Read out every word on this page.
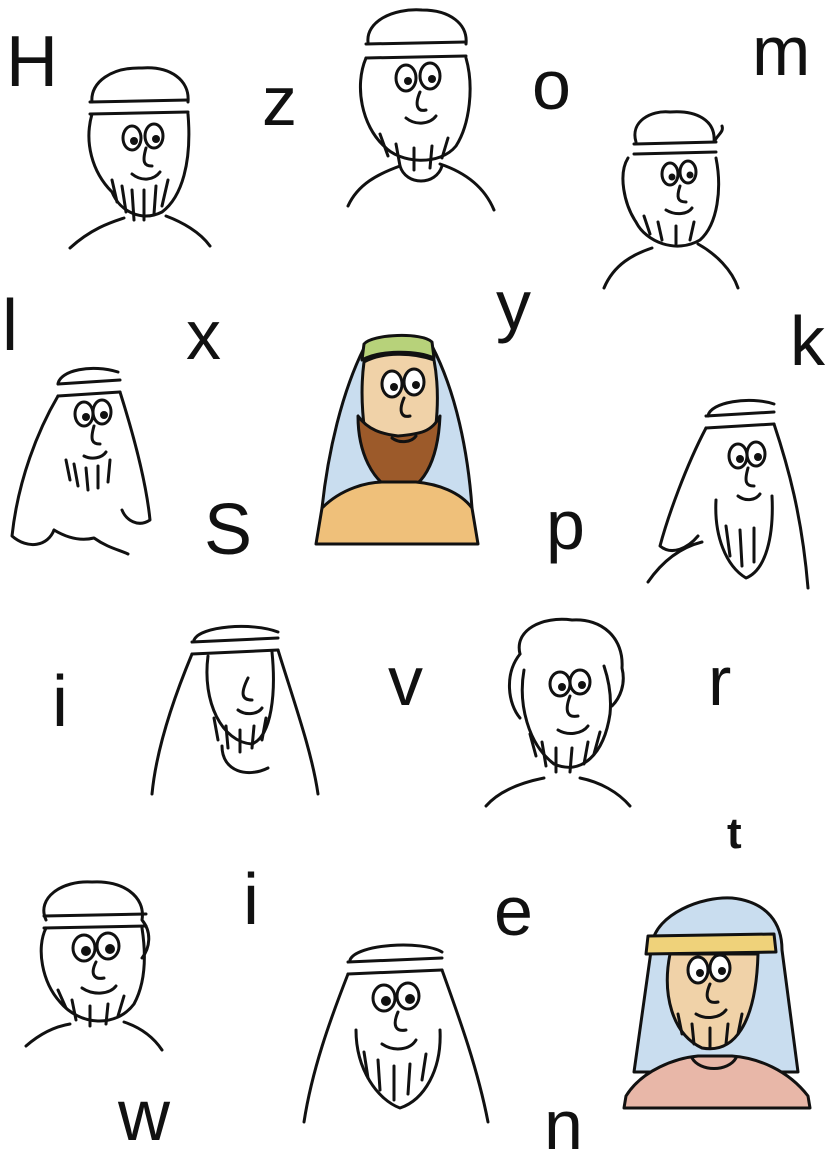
H	z	o	m
l x	y	k
S	p
i	v	r
t
i	e
w	n
